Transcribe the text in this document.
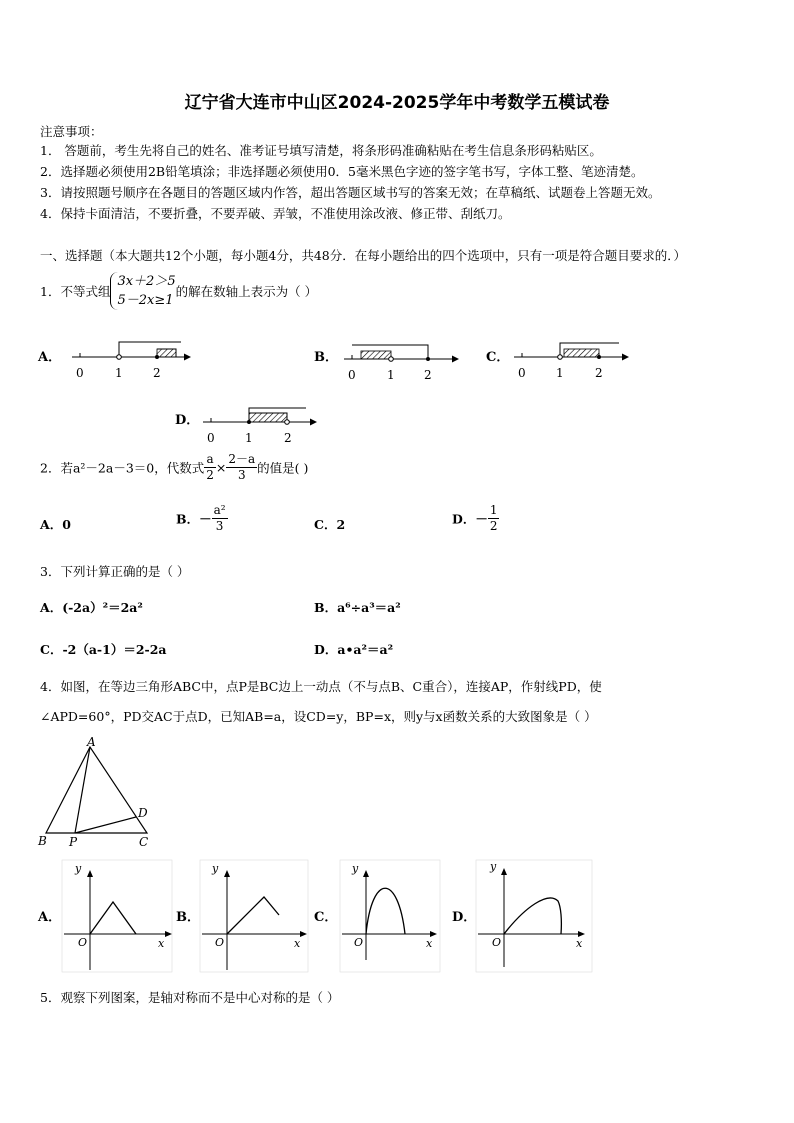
辽宁省大连市中山区2024-2025学年中考数学五模试卷
注意事项：
1． 答题前，考生先将自己的姓名、准考证号填写清楚，将条形码准确粘贴在考生信息条形码粘贴区。
2．选择题必须使用2B铅笔填涂；非选择题必须使用0．5毫米黑色字迹的签字笔书写，字体工整、笔迹清楚。
3．请按照题号顺序在各题目的答题区域内作答，超出答题区域书写的答案无效；在草稿纸、试题卷上答题无效。
4．保持卡面清洁，不要折叠，不要弄破、弄皱，不准使用涂改液、修正带、刮纸刀。
一、选择题（本大题共12个小题，每小题4分，共48分．在每小题给出的四个选项中，只有一项是符合题目要求的．）
1．不等式组
3x＋2＞5
5－2x≥1
的解在数轴上表示为（ ）
A．
0	1	2
B．
0	1 2
C．
0	1	2
D．
0	1	2
2．若a²－2a－3＝0，代数式 $\frac{a}{2} \times \frac{2-a}{3}$ 的值是( )
A．0	B．－ $\frac{\text{a²}}{3}$	C．2	D．－ $\frac{1}{2}$
3．下列计算正确的是（ ）
A．(-2a）²＝2a²	B．a⁶÷a³＝a²
C．-2（a-1）＝2-2a	D．a•a²＝a²
4．如图，在等边三角形ABC中，点P是BC边上一动点（不与点B、C重合），连接AP，作射线PD，使
∠APD=60°，PD交AC于点D，已知AB=a，设CD=y，BP=x，则y与x函数关系的大致图象是（ ）
A
B	C
D
P
A．
y
x
O
B．
y
x
O
C．
y
x
O
D．
y
x
O
5．观察下列图案，是轴对称而不是中心对称的是（ ）
